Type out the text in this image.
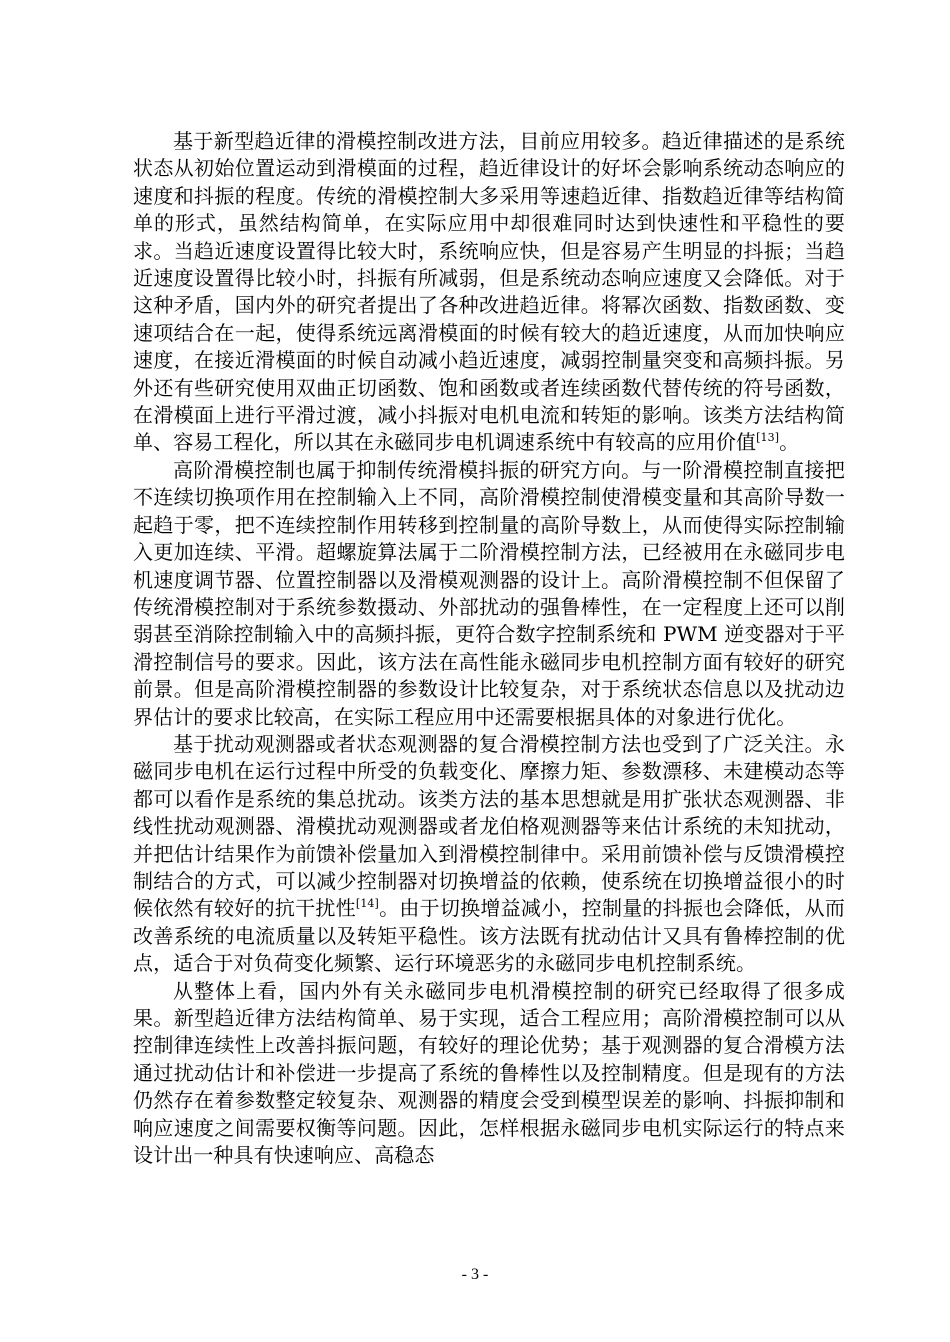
基于新型趋近律的滑模控制改进方法，目前应用较多。趋近律描述的是系统状态从初始位置运动到滑模面的过程，趋近律设计的好坏会影响系统动态响应的速度和抖振的程度。传统的滑模控制大多采用等速趋近律、指数趋近律等结构简单的形式，虽然结构简单，在实际应用中却很难同时达到快速性和平稳性的要求。当趋近速度设置得比较大时，系统响应快，但是容易产生明显的抖振；当趋近速度设置得比较小时，抖振有所减弱，但是系统动态响应速度又会降低。对于这种矛盾，国内外的研究者提出了各种改进趋近律。将幂次函数、指数函数、变速项结合在一起，使得系统远离滑模面的时候有较大的趋近速度，从而加快响应速度，在接近滑模面的时候自动减小趋近速度，减弱控制量突变和高频抖振。另外还有些研究使用双曲正切函数、饱和函数或者连续函数代替传统的符号函数，在滑模面上进行平滑过渡，减小抖振对电机电流和转矩的影响。该类方法结构简单、容易工程化，所以其在永磁同步电机调速系统中有较高的应用价值[13]。

高阶滑模控制也属于抑制传统滑模抖振的研究方向。与一阶滑模控制直接把不连续切换项作用在控制输入上不同，高阶滑模控制使滑模变量和其高阶导数一起趋于零，把不连续控制作用转移到控制量的高阶导数上，从而使得实际控制输入更加连续、平滑。超螺旋算法属于二阶滑模控制方法，已经被用在永磁同步电机速度调节器、位置控制器以及滑模观测器的设计上。高阶滑模控制不但保留了传统滑模控制对于系统参数摄动、外部扰动的强鲁棒性，在一定程度上还可以削弱甚至消除控制输入中的高频抖振，更符合数字控制系统和 PWM 逆变器对于平滑控制信号的要求。因此，该方法在高性能永磁同步电机控制方面有较好的研究前景。但是高阶滑模控制器的参数设计比较复杂，对于系统状态信息以及扰动边界估计的要求比较高，在实际工程应用中还需要根据具体的对象进行优化。

基于扰动观测器或者状态观测器的复合滑模控制方法也受到了广泛关注。永磁同步电机在运行过程中所受的负载变化、摩擦力矩、参数漂移、未建模动态等都可以看作是系统的集总扰动。该类方法的基本思想就是用扩张状态观测器、非线性扰动观测器、滑模扰动观测器或者龙伯格观测器等来估计系统的未知扰动，并把估计结果作为前馈补偿量加入到滑模控制律中。采用前馈补偿与反馈滑模控制结合的方式，可以减少控制器对切换增益的依赖，使系统在切换增益很小的时候依然有较好的抗干扰性[14]。由于切换增益减小，控制量的抖振也会降低，从而改善系统的电流质量以及转矩平稳性。该方法既有扰动估计又具有鲁棒控制的优点，适合于对负荷变化频繁、运行环境恶劣的永磁同步电机控制系统。

从整体上看，国内外有关永磁同步电机滑模控制的研究已经取得了很多成果。新型趋近律方法结构简单、易于实现，适合工程应用；高阶滑模控制可以从控制律连续性上改善抖振问题，有较好的理论优势；基于观测器的复合滑模方法通过扰动估计和补偿进一步提高了系统的鲁棒性以及控制精度。但是现有的方法仍然存在着参数整定较复杂、观测器的精度会受到模型误差的影响、抖振抑制和响应速度之间需要权衡等问题。因此，怎样根据永磁同步电机实际运行的特点来设计出一种具有快速响应、高稳态

- 3 -
